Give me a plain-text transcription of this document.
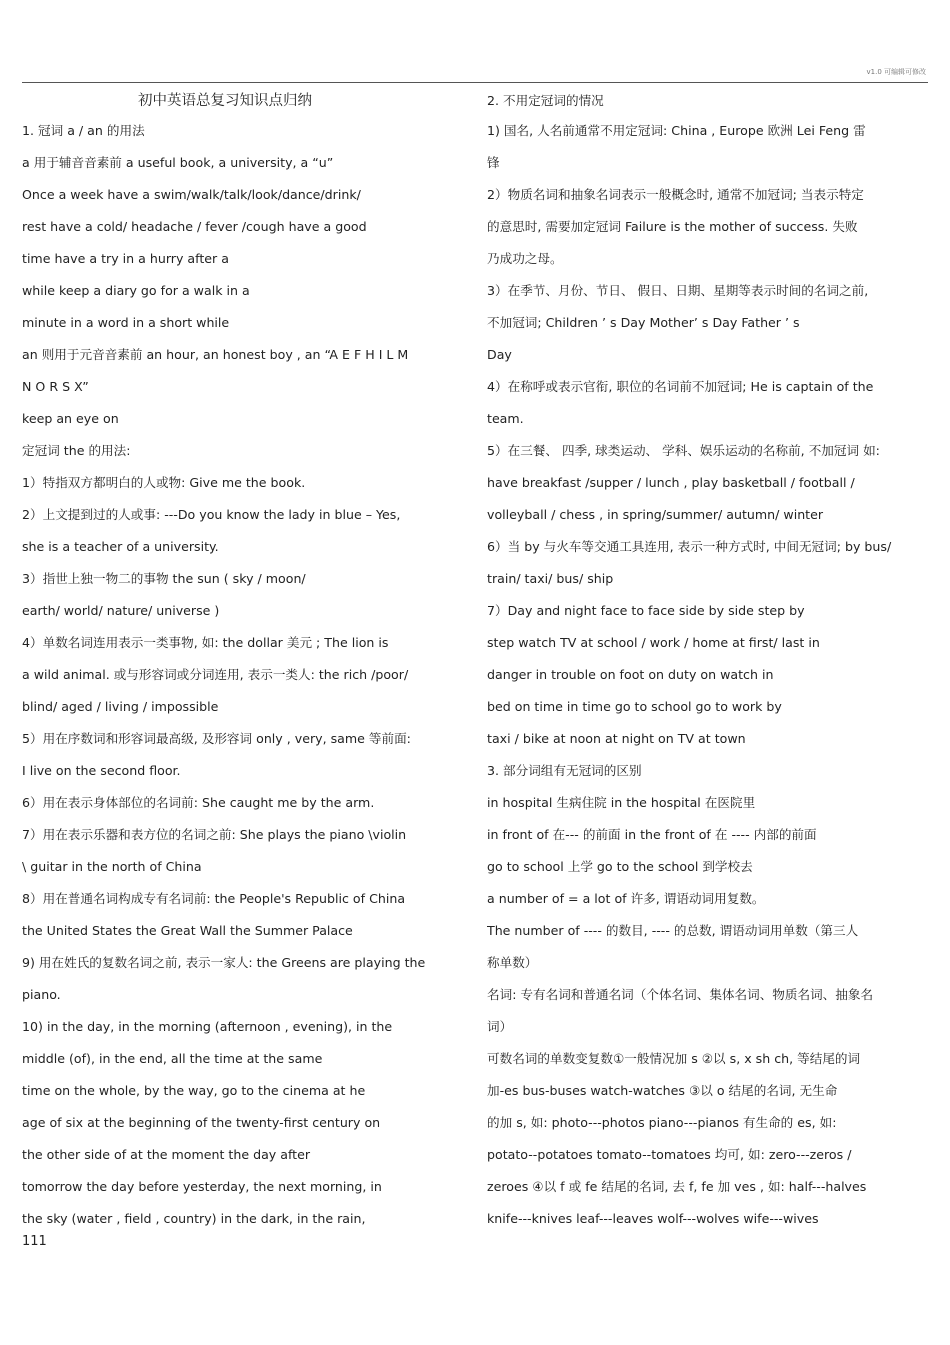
v1.0 可编辑可修改
初中英语总复习知识点归纳
1. 冠词 a / an 的用法
a 用于辅音音素前 a useful book, a university, a “u”
Once a week have a swim/walk/talk/look/dance/drink/
rest have a cold/ headache / fever /cough have a good
time have a try in a hurry after a
while keep a diary go for a walk in a
minute in a word in a short while
an 则用于元音音素前 an hour, an honest boy , an “A E F H I L M
N O R S X”
keep an eye on
定冠词 the 的用法:
1）特指双方都明白的人或物: Give me the book.
2）上文提到过的人或事: ---Do you know the lady in blue – Yes,
she is a teacher of a university.
3）指世上独一物二的事物 the sun ( sky / moon/
earth/ world/ nature/ universe )
4）单数名词连用表示一类事物, 如: the dollar 美元 ; The lion is
a wild animal. 或与形容词或分词连用, 表示一类人: the rich /poor/
blind/ aged / living / impossible
5）用在序数词和形容词最高级, 及形容词 only , very, same 等前面:
I live on the second floor.
6）用在表示身体部位的名词前: She caught me by the arm.
7）用在表示乐器和表方位的名词之前: She plays the piano \violin
\ guitar in the north of China
8）用在普通名词构成专有名词前: the People's Republic of China
the United States the Great Wall the Summer Palace
9) 用在姓氏的复数名词之前, 表示一家人: the Greens are playing the
piano.
10) in the day, in the morning (afternoon , evening), in the
middle (of), in the end, all the time at the same
time on the whole, by the way, go to the cinema at he
age of six at the beginning of the twenty-first century on
the other side of at the moment the day after
tomorrow the day before yesterday, the next morning, in
the sky (water , field , country) in the dark, in the rain,
2. 不用定冠词的情况
1) 国名, 人名前通常不用定冠词: China , Europe 欧洲 Lei Feng 雷
锋
2）物质名词和抽象名词表示一般概念时, 通常不加冠词; 当表示特定
的意思时, 需要加定冠词 Failure is the mother of success. 失败
乃成功之母。
3）在季节、月份、节日、 假日、日期、星期等表示时间的名词之前,
不加冠词; Children ’ s Day Mother’ s Day Father ’ s
Day
4）在称呼或表示官衔, 职位的名词前不加冠词; He is captain of the
team.
5）在三餐、 四季, 球类运动、 学科、娱乐运动的名称前, 不加冠词 如:
have breakfast /supper / lunch , play basketball / football /
volleyball / chess , in spring/summer/ autumn/ winter
6）当 by 与火车等交通工具连用, 表示一种方式时, 中间无冠词; by bus/
train/ taxi/ bus/ ship
7）Day and night face to face side by side step by
step watch TV at school / work / home at first/ last in
danger in trouble on foot on duty on watch in
bed on time in time go to school go to work by
taxi / bike at noon at night on TV at town
3. 部分词组有无冠词的区别
in hospital 生病住院 in the hospital 在医院里
in front of 在--- 的前面 in the front of 在 ---- 内部的前面
go to school 上学 go to the school 到学校去
a number of = a lot of 许多, 谓语动词用复数。
The number of ---- 的数目, ---- 的总数, 谓语动词用单数（第三人
称单数）
名词: 专有名词和普通名词（个体名词、集体名词、物质名词、抽象名
词）
可数名词的单数变复数①一般情况加 s ②以 s, x sh ch, 等结尾的词
加-es bus-buses watch-watches ③以 o 结尾的名词, 无生命
的加 s, 如: photo---photos piano---pianos 有生命的 es, 如:
potato--potatoes tomato--tomatoes 均可, 如: zero---zeros /
zeroes ④以 f 或 fe 结尾的名词, 去 f, fe 加 ves , 如: half---halves
knife---knives leaf---leaves wolf---wolves wife---wives
111
